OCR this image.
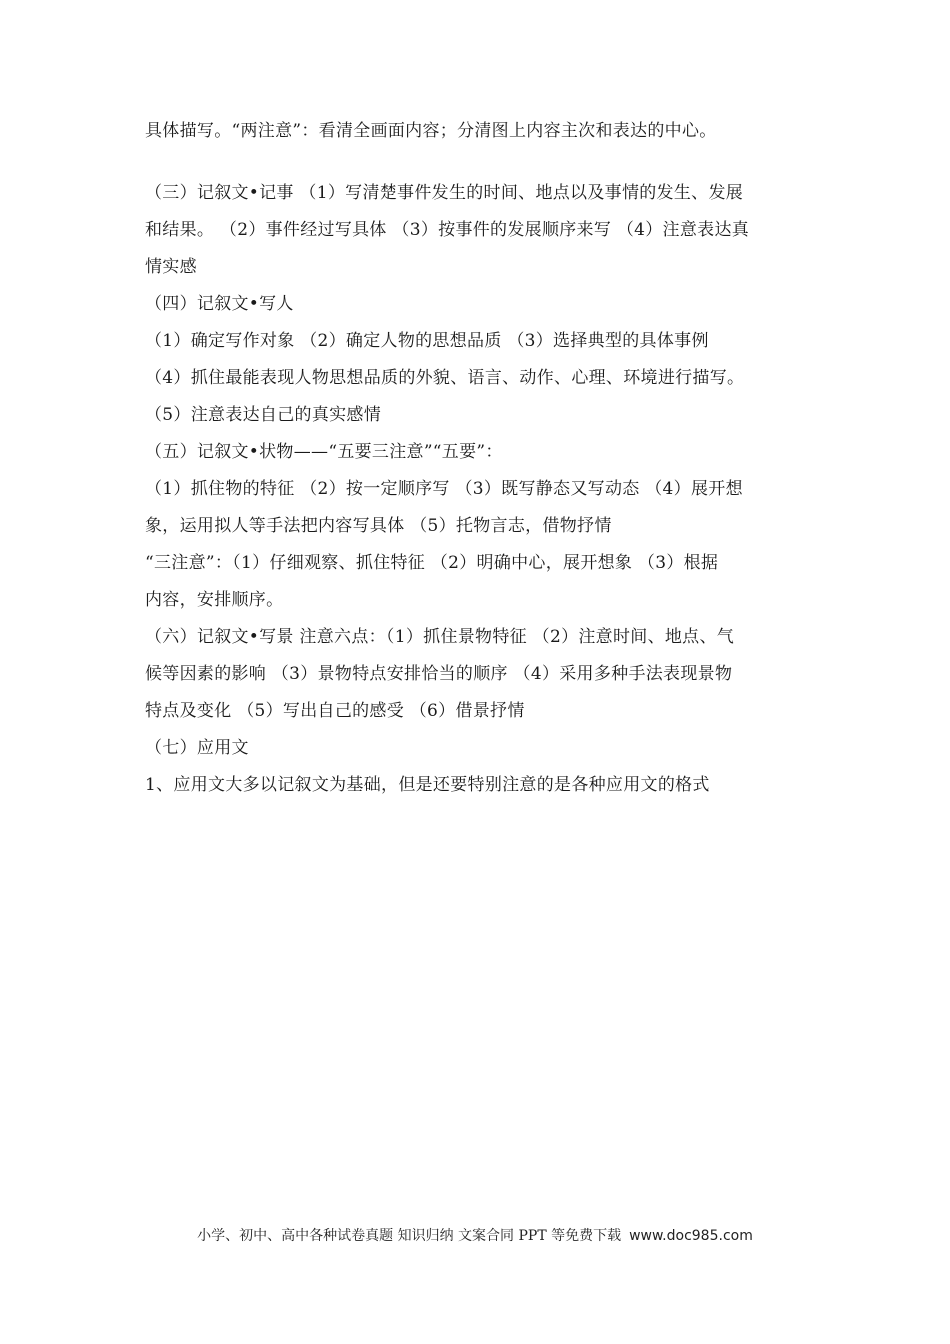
具体描写。“两注意”：看清全画面内容；分清图上内容主次和表达的中心。
（三）记叙文•记事 （1）写清楚事件发生的时间、地点以及事情的发生、发展
和结果。 （2）事件经过写具体 （3）按事件的发展顺序来写 （4）注意表达真
情实感
（四）记叙文•写人
（1）确定写作对象 （2）确定人物的思想品质 （3）选择典型的具体事例
（4）抓住最能表现人物思想品质的外貌、语言、动作、心理、环境进行描写。
（5）注意表达自己的真实感情
（五）记叙文•状物——“五要三注意”“五要”：
（1）抓住物的特征 （2）按一定顺序写 （3）既写静态又写动态 （4）展开想
象，运用拟人等手法把内容写具体 （5）托物言志，借物抒情
“三注意”：（1）仔细观察、抓住特征 （2）明确中心，展开想象 （3）根据
内容，安排顺序。
（六）记叙文•写景 注意六点：（1）抓住景物特征 （2）注意时间、地点、气
候等因素的影响 （3）景物特点安排恰当的顺序 （4）采用多种手法表现景物
特点及变化 （5）写出自己的感受 （6）借景抒情
（七）应用文
1、应用文大多以记叙文为基础，但是还要特别注意的是各种应用文的格式
小学、初中、高中各种试卷真题 知识归纳 文案合同 PPT 等免费下载 www.doc985.com
